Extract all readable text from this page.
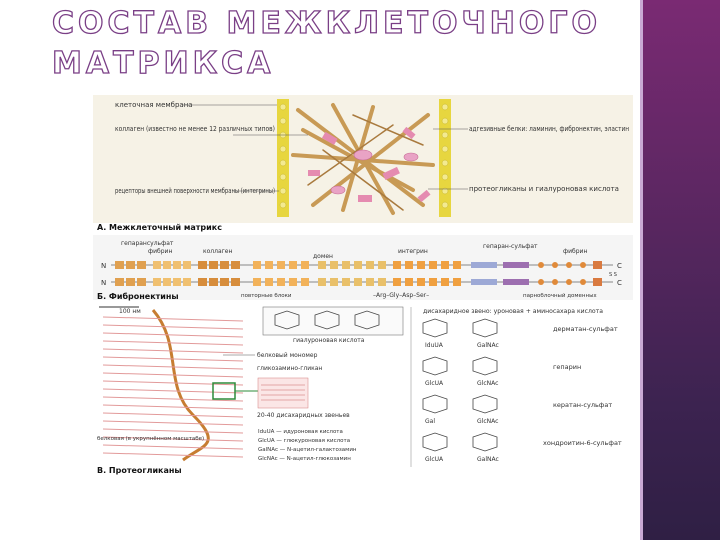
СОСТАВ МЕЖКЛЕТОЧНОГО
МАТРИКСА
клеточная мембрана
коллаген (известно не менее 12 различных типов)
рецепторы внешней поверхности мембраны (интегрины)
адгезивные белки: ламинин, фибронектин, эластин
протеогликаны и гиалуроновая кислота
А. Межклеточный матрикс
гепарансульфат
фибрин	коллаген
домен
интегрин
гепаран-сульфат
фибрин
N	C
N	C
S S
Б. Фибронектины	повторные блоки	–Arg–Gly–Asp–Ser–	парноблочный доменных
100 нм
гиалуроновая кислота
белковый мономер
гликозамино-гликан
20-40 дисахаридных звеньев
IduUA — идуроновая кислота
GlcUA — глюкуроновая кислота
GalNAc — N-ацетил-галактозамин
GlcNAc — N-ацетил-глюкозамин
белковая (в укрупнённом масштабе)
В. Протеогликаны
дисахаридное звено: уроновая + аминосахара кислота
IduUA	GalNAc
дерматан-сульфат
GlcUA	GlcNAc
гепарин
Gal	GlcNAc
кератан-сульфат
GlcUA	GalNAc
хондроитин-6-сульфат
